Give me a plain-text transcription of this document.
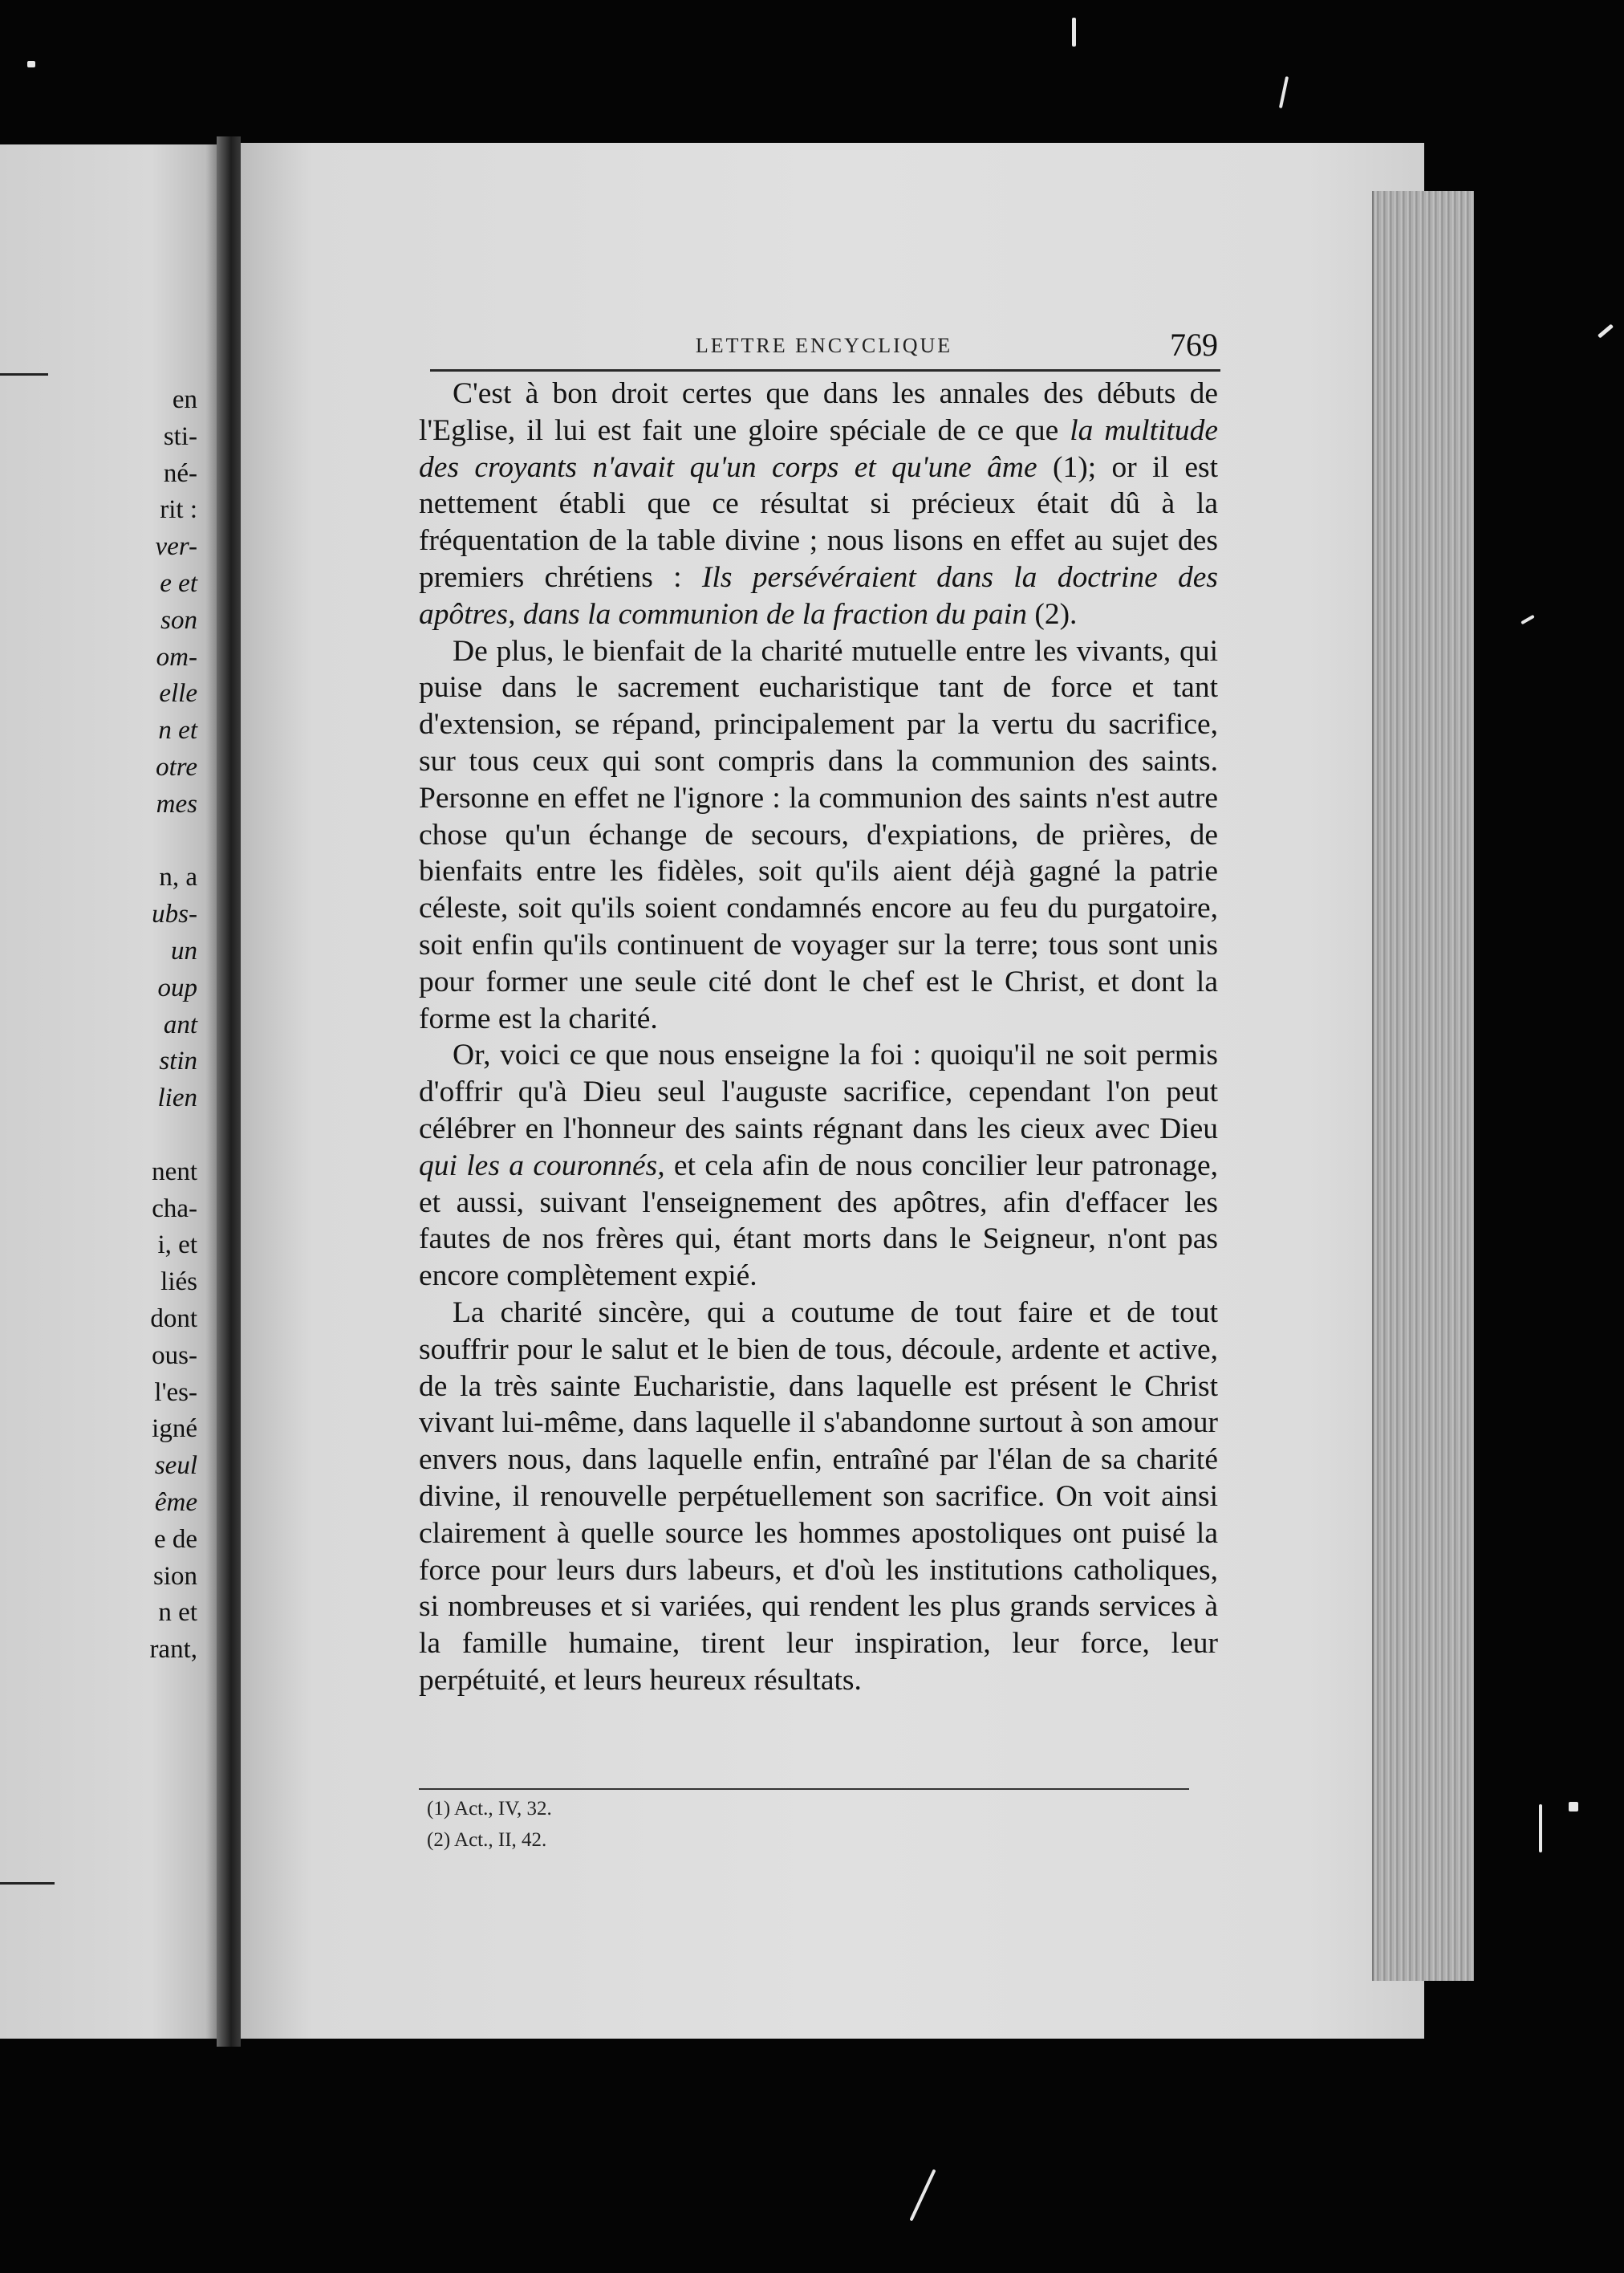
en
sti-
né-
rit :
ver-
e et
son
om-
elle
n et
otre
mes
n, a
ubs-
un
oup
ant
stin
lien
nent
cha-
i, et
liés
dont
ous-
l'es-
igné
seul
ême
e de
sion
n et
rant,
LETTRE ENCYCLIQUE	769

C'est à bon droit certes que dans les annales des débuts de l'Eglise, il lui est fait une gloire spéciale de ce que la multitude des croyants n'avait qu'un corps et qu'une âme (1); or il est nettement établi que ce résultat si précieux était dû à la fréquentation de la table divine ; nous lisons en effet au sujet des premiers chrétiens : Ils persévéraient dans la doctrine des apôtres, dans la communion de la fraction du pain (2).

De plus, le bienfait de la charité mutuelle entre les vivants, qui puise dans le sacrement eucharistique tant de force et tant d'extension, se répand, principalement par la vertu du sacrifice, sur tous ceux qui sont compris dans la communion des saints. Personne en effet ne l'ignore : la communion des saints n'est autre chose qu'un échange de secours, d'expiations, de prières, de bienfaits entre les fidèles, soit qu'ils aient déjà gagné la patrie céleste, soit qu'ils soient condamnés encore au feu du purgatoire, soit enfin qu'ils continuent de voyager sur la terre; tous sont unis pour former une seule cité dont le chef est le Christ, et dont la forme est la charité.

Or, voici ce que nous enseigne la foi : quoiqu'il ne soit permis d'offrir qu'à Dieu seul l'auguste sacrifice, cependant l'on peut célébrer en l'honneur des saints régnant dans les cieux avec Dieu qui les a couronnés, et cela afin de nous concilier leur patronage, et aussi, suivant l'enseignement des apôtres, afin d'effacer les fautes de nos frères qui, étant morts dans le Seigneur, n'ont pas encore complètement expié.

La charité sincère, qui a coutume de tout faire et de tout souffrir pour le salut et le bien de tous, découle, ardente et active, de la très sainte Eucharistie, dans laquelle est présent le Christ vivant lui-même, dans laquelle il s'abandonne surtout à son amour envers nous, dans laquelle enfin, entraîné par l'élan de sa charité divine, il renouvelle perpétuellement son sacrifice. On voit ainsi clairement à quelle source les hommes apostoliques ont puisé la force pour leurs durs labeurs, et d'où les institutions catholiques, si nombreuses et si variées, qui rendent les plus grands services à la famille humaine, tirent leur inspiration, leur force, leur perpétuité, et leurs heureux résultats.

(1) Act., IV, 32.
(2) Act., II, 42.
